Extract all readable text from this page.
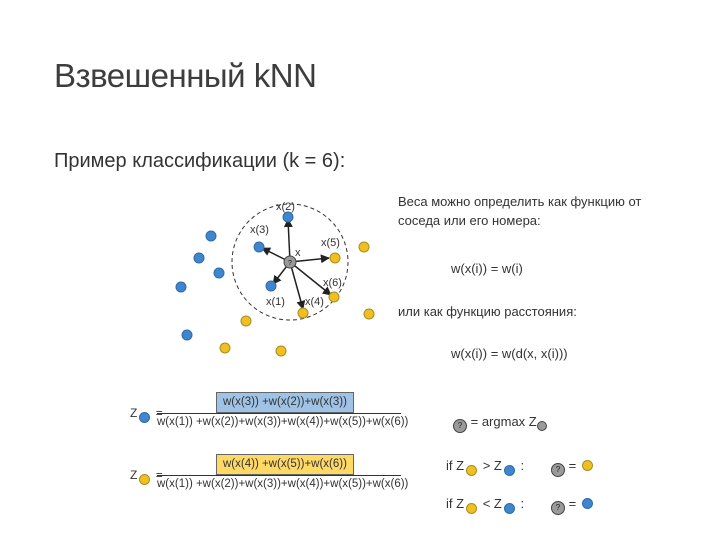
Взвешенный kNN
Пример классификации (k = 6):
?
x(2)
x(3)
x(5)
x
x(6)
x(1) x(4)
Веса можно определить как функцию от
соседа или его номера:
w(x(i)) = w(i)
или как функцию расстояния:
w(x(i)) = w(d(x, x(i)))
Z
$\frac{w(x(3)) +w(x(2))+w(x(3))}{w(x(1)) +w(x(2))+w(x(3))+w(x(4))+w(x(5))+w(x(6))}$
Z
$\frac{w(x(4)) +w(x(5))+w(x(6))}{w(x(1)) +w(x(2))+w(x(3))+w(x(4))+w(x(5))+w(x(6))}$
? = argmax Z
if Z > Z :	? =
if Z < Z :	? =
